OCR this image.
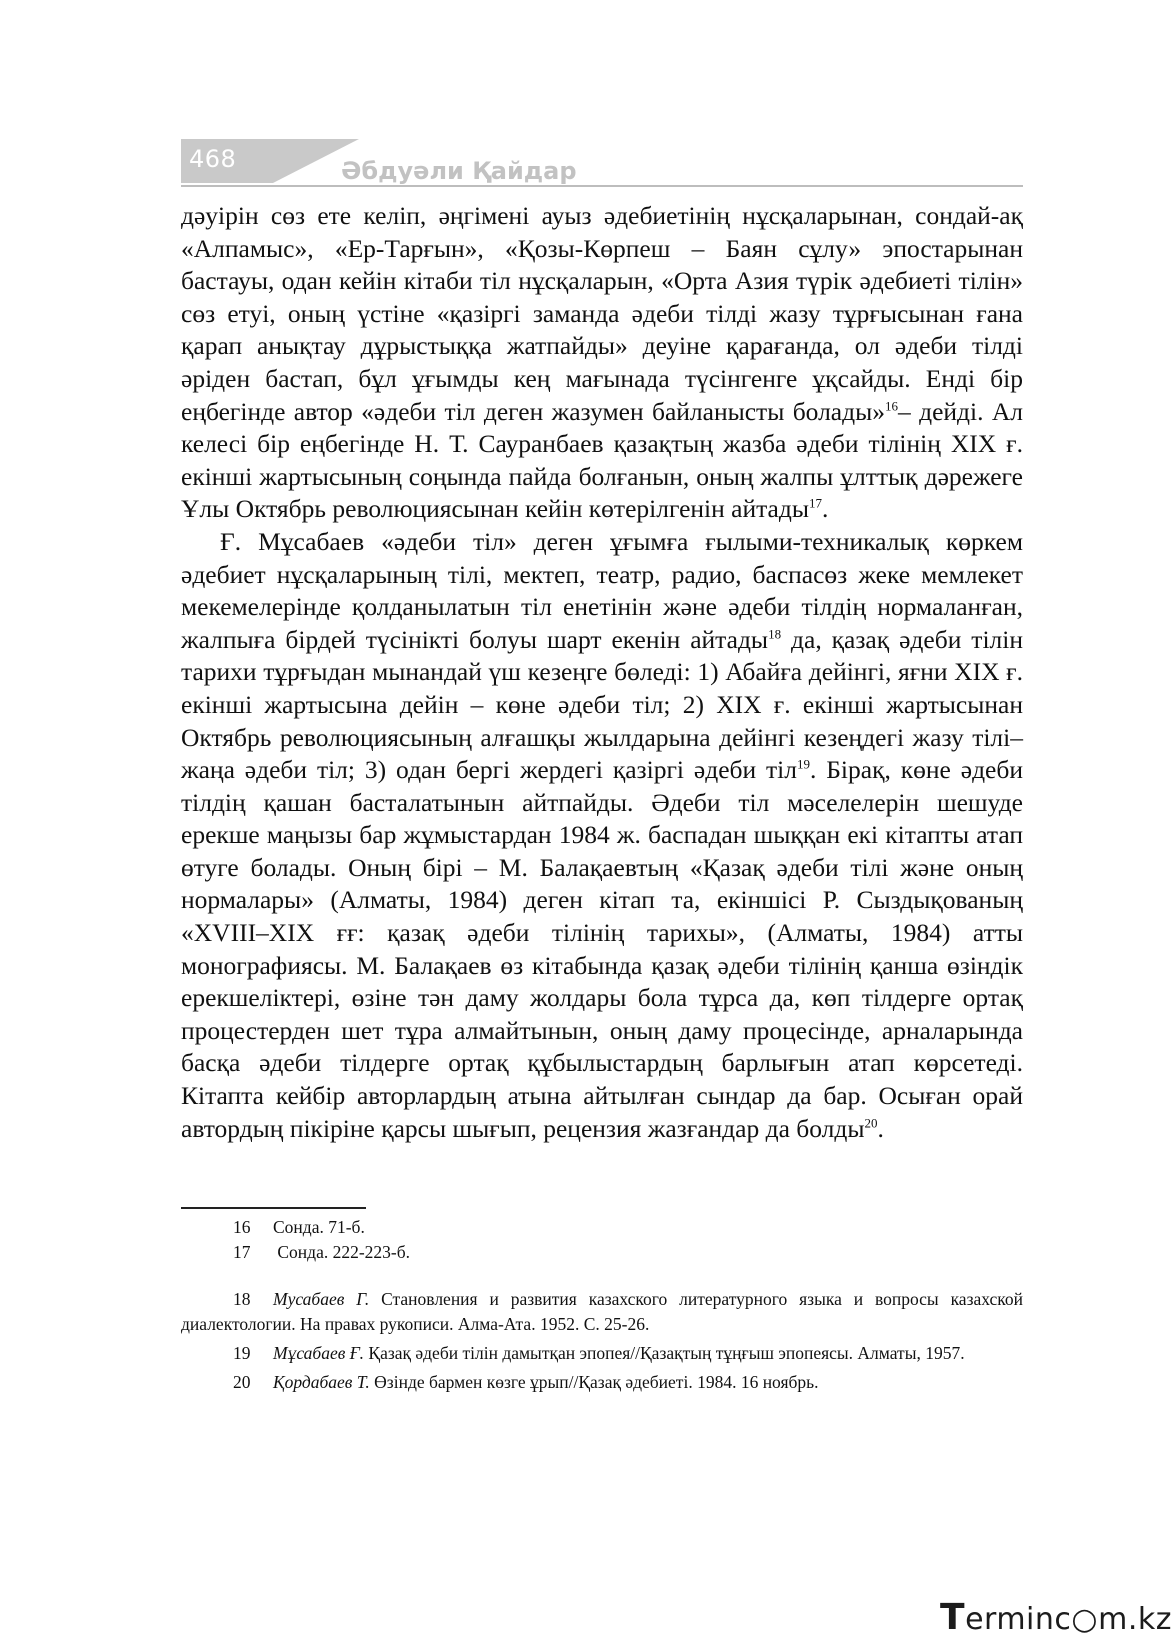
468	Әбдуәли Қайдар

дәуірін сөз ете келіп, әңгімені ауыз әдебиетінің нұсқаларынан, сондай-ақ «Алпамыс», «Ер-Тарғын», «Қозы-Көрпеш – Баян сұлу» эпостарынан бастауы, одан кейін кітаби тіл нұсқаларын, «Орта Азия түрік әдебиеті тілін» сөз етуі, оның үстіне «қазіргі заманда әдеби тілді жазу тұрғысынан ғана қарап анықтау дұрыстыққа жатпайды» деуіне қарағанда, ол әдеби тілді әріден бастап, бұл ұғымды кең мағынада түсінгенге ұқсайды. Енді бір еңбегінде автор «әдеби тіл деген жазумен байланысты болады»$^{16}$– дейді. Ал келесі бір еңбегінде Н. Т. Сауранбаев қазақтың жазба әдеби тілінің ХІХ ғ. екінші жартысының соңында пайда болғанын, оның жалпы ұлттық дәрежеге Ұлы Октябрь революциясынан кейін көтерілгенін айтады$^{17}$.

Ғ. Мұсабаев «әдеби тіл» деген ұғымға ғылыми-техникалық көркем әдебиет нұсқаларының тілі, мектеп, театр, радио, баспасөз жеке мемлекет мекемелерінде қолданылатын тіл енетінін және әдеби тілдің нормаланған, жалпыға бірдей түсінікті болуы шарт екенін айтады$^{18}$ да, қазақ әдеби тілін тарихи тұрғыдан мынандай үш кезеңге бөледі: 1) Абайға дейінгі, яғни ХІХ ғ. екінші жартысына дейін – көне әдеби тіл; 2) ХІХ ғ. екінші жартысынан Октябрь революциясының алғашқы жылдарына дейінгі кезеңдегі жазу тілі–жаңа әдеби тіл; 3) одан бергі жердегі қазіргі әдеби тіл$^{19}$. Бірақ, көне әдеби тілдің қашан басталатынын айтпайды. Әдеби тіл мәселелерін шешуде ерекше маңызы бар жұмыстардан 1984 ж. баспадан шыққан екі кітапты атап өтуге болады. Оның бірі – М. Балақаевтың «Қазақ әдеби тілі және оның нормалары» (Алматы, 1984) деген кітап та, екіншісі Р. Сыздықованың «XVIII–XIX ғғ: қазақ әдеби тілінің тарихы», (Алматы, 1984) атты монографиясы. М. Балақаев өз кітабында қазақ әдеби тілінің қанша өзіндік ерекшеліктері, өзіне тән даму жолдары бола тұрса да, көп тілдерге ортақ процестерден шет тұра алмайтынын, оның даму процесінде, арналарында басқа әдеби тілдерге ортақ құбылыстардың барлығын атап көрсетеді. Кітапта кейбір авторлардың атына айтылған сындар да бар. Осыған орай автордың пікіріне қарсы шығып, рецензия жазғандар да болды$^{20}$.

16 Сонда. 71-б.

17 Сонда. 222-223-б.

18 Мусабаев Г. Становления и развития казахского литературного языка и вопросы казахской диалектологии. На правах рукописи. Алма-Ата. 1952. С. 25-26.

19 Мұсабаев Ғ. Қазақ әдеби тілін дамытқан эпопея//Қазақтың тұңғыш эпопеясы. Алматы, 1957.

20 Қордабаев Т. Өзінде бармен көзге ұрып//Қазақ әдебиеті. 1984. 16 ноябрь.

Terminc○m.kz
